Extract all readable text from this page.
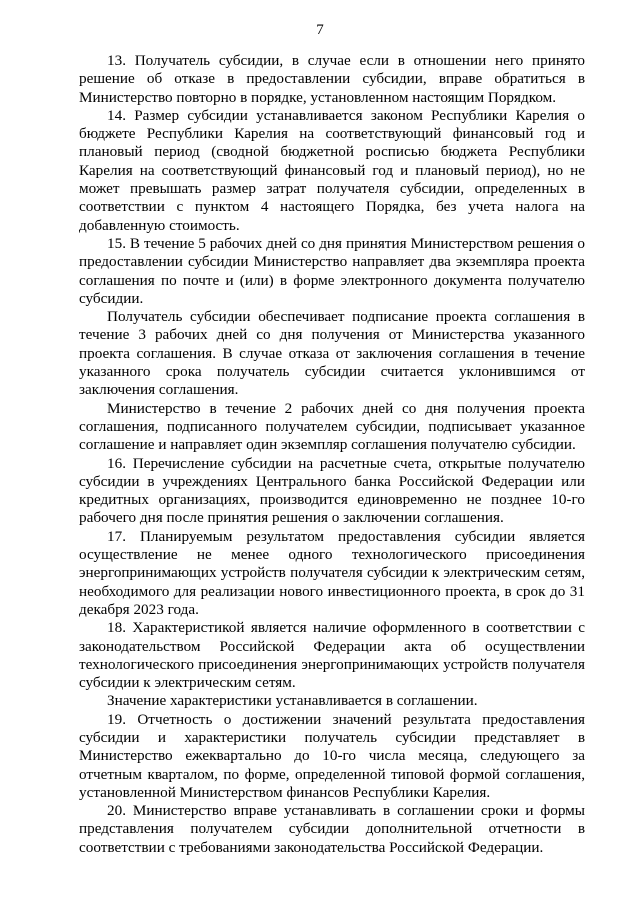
7

13. Получатель субсидии, в случае если в отношении него принято решение об отказе в предоставлении субсидии, вправе обратиться в Министерство повторно в порядке, установленном настоящим Порядком.

14. Размер субсидии устанавливается законом Республики Карелия о бюджете Республики Карелия на соответствующий финансовый год и плановый период (сводной бюджетной росписью бюджета Республики Карелия на соответствующий финансовый год и плановый период), но не может превышать размер затрат получателя субсидии, определенных в соответствии с пунктом 4 настоящего Порядка, без учета налога на добавленную стоимость.

15. В течение 5 рабочих дней со дня принятия Министерством решения о предоставлении субсидии Министерство направляет два экземпляра проекта соглашения по почте и (или) в форме электронного документа получателю субсидии.

Получатель субсидии обеспечивает подписание проекта соглашения в течение 3 рабочих дней со дня получения от Министерства указанного проекта соглашения. В случае отказа от заключения соглашения в течение указанного срока получатель субсидии считается уклонившимся от заключения соглашения.

Министерство в течение 2 рабочих дней со дня получения проекта соглашения, подписанного получателем субсидии, подписывает указанное соглашение и направляет один экземпляр соглашения получателю субсидии.

16. Перечисление субсидии на расчетные счета, открытые получателю субсидии в учреждениях Центрального банка Российской Федерации или кредитных организациях, производится единовременно не позднее 10-го рабочего дня после принятия решения о заключении соглашения.

17. Планируемым результатом предоставления субсидии является осуществление не менее одного технологического присоединения энергопринимающих устройств получателя субсидии к электрическим сетям, необходимого для реализации нового инвестиционного проекта, в срок до 31 декабря 2023 года.

18. Характеристикой является наличие оформленного в соответствии с законодательством Российской Федерации акта об осуществлении технологического присоединения энергопринимающих устройств получателя субсидии к электрическим сетям.

Значение характеристики устанавливается в соглашении.

19. Отчетность о достижении значений результата предоставления субсидии и характеристики получатель субсидии представляет в Министерство ежеквартально до 10-го числа месяца, следующего за отчетным кварталом, по форме, определенной типовой формой соглашения, установленной Министерством финансов Республики Карелия.

20. Министерство вправе устанавливать в соглашении сроки и формы представления получателем субсидии дополнительной отчетности в соответствии с требованиями законодательства Российской Федерации.
